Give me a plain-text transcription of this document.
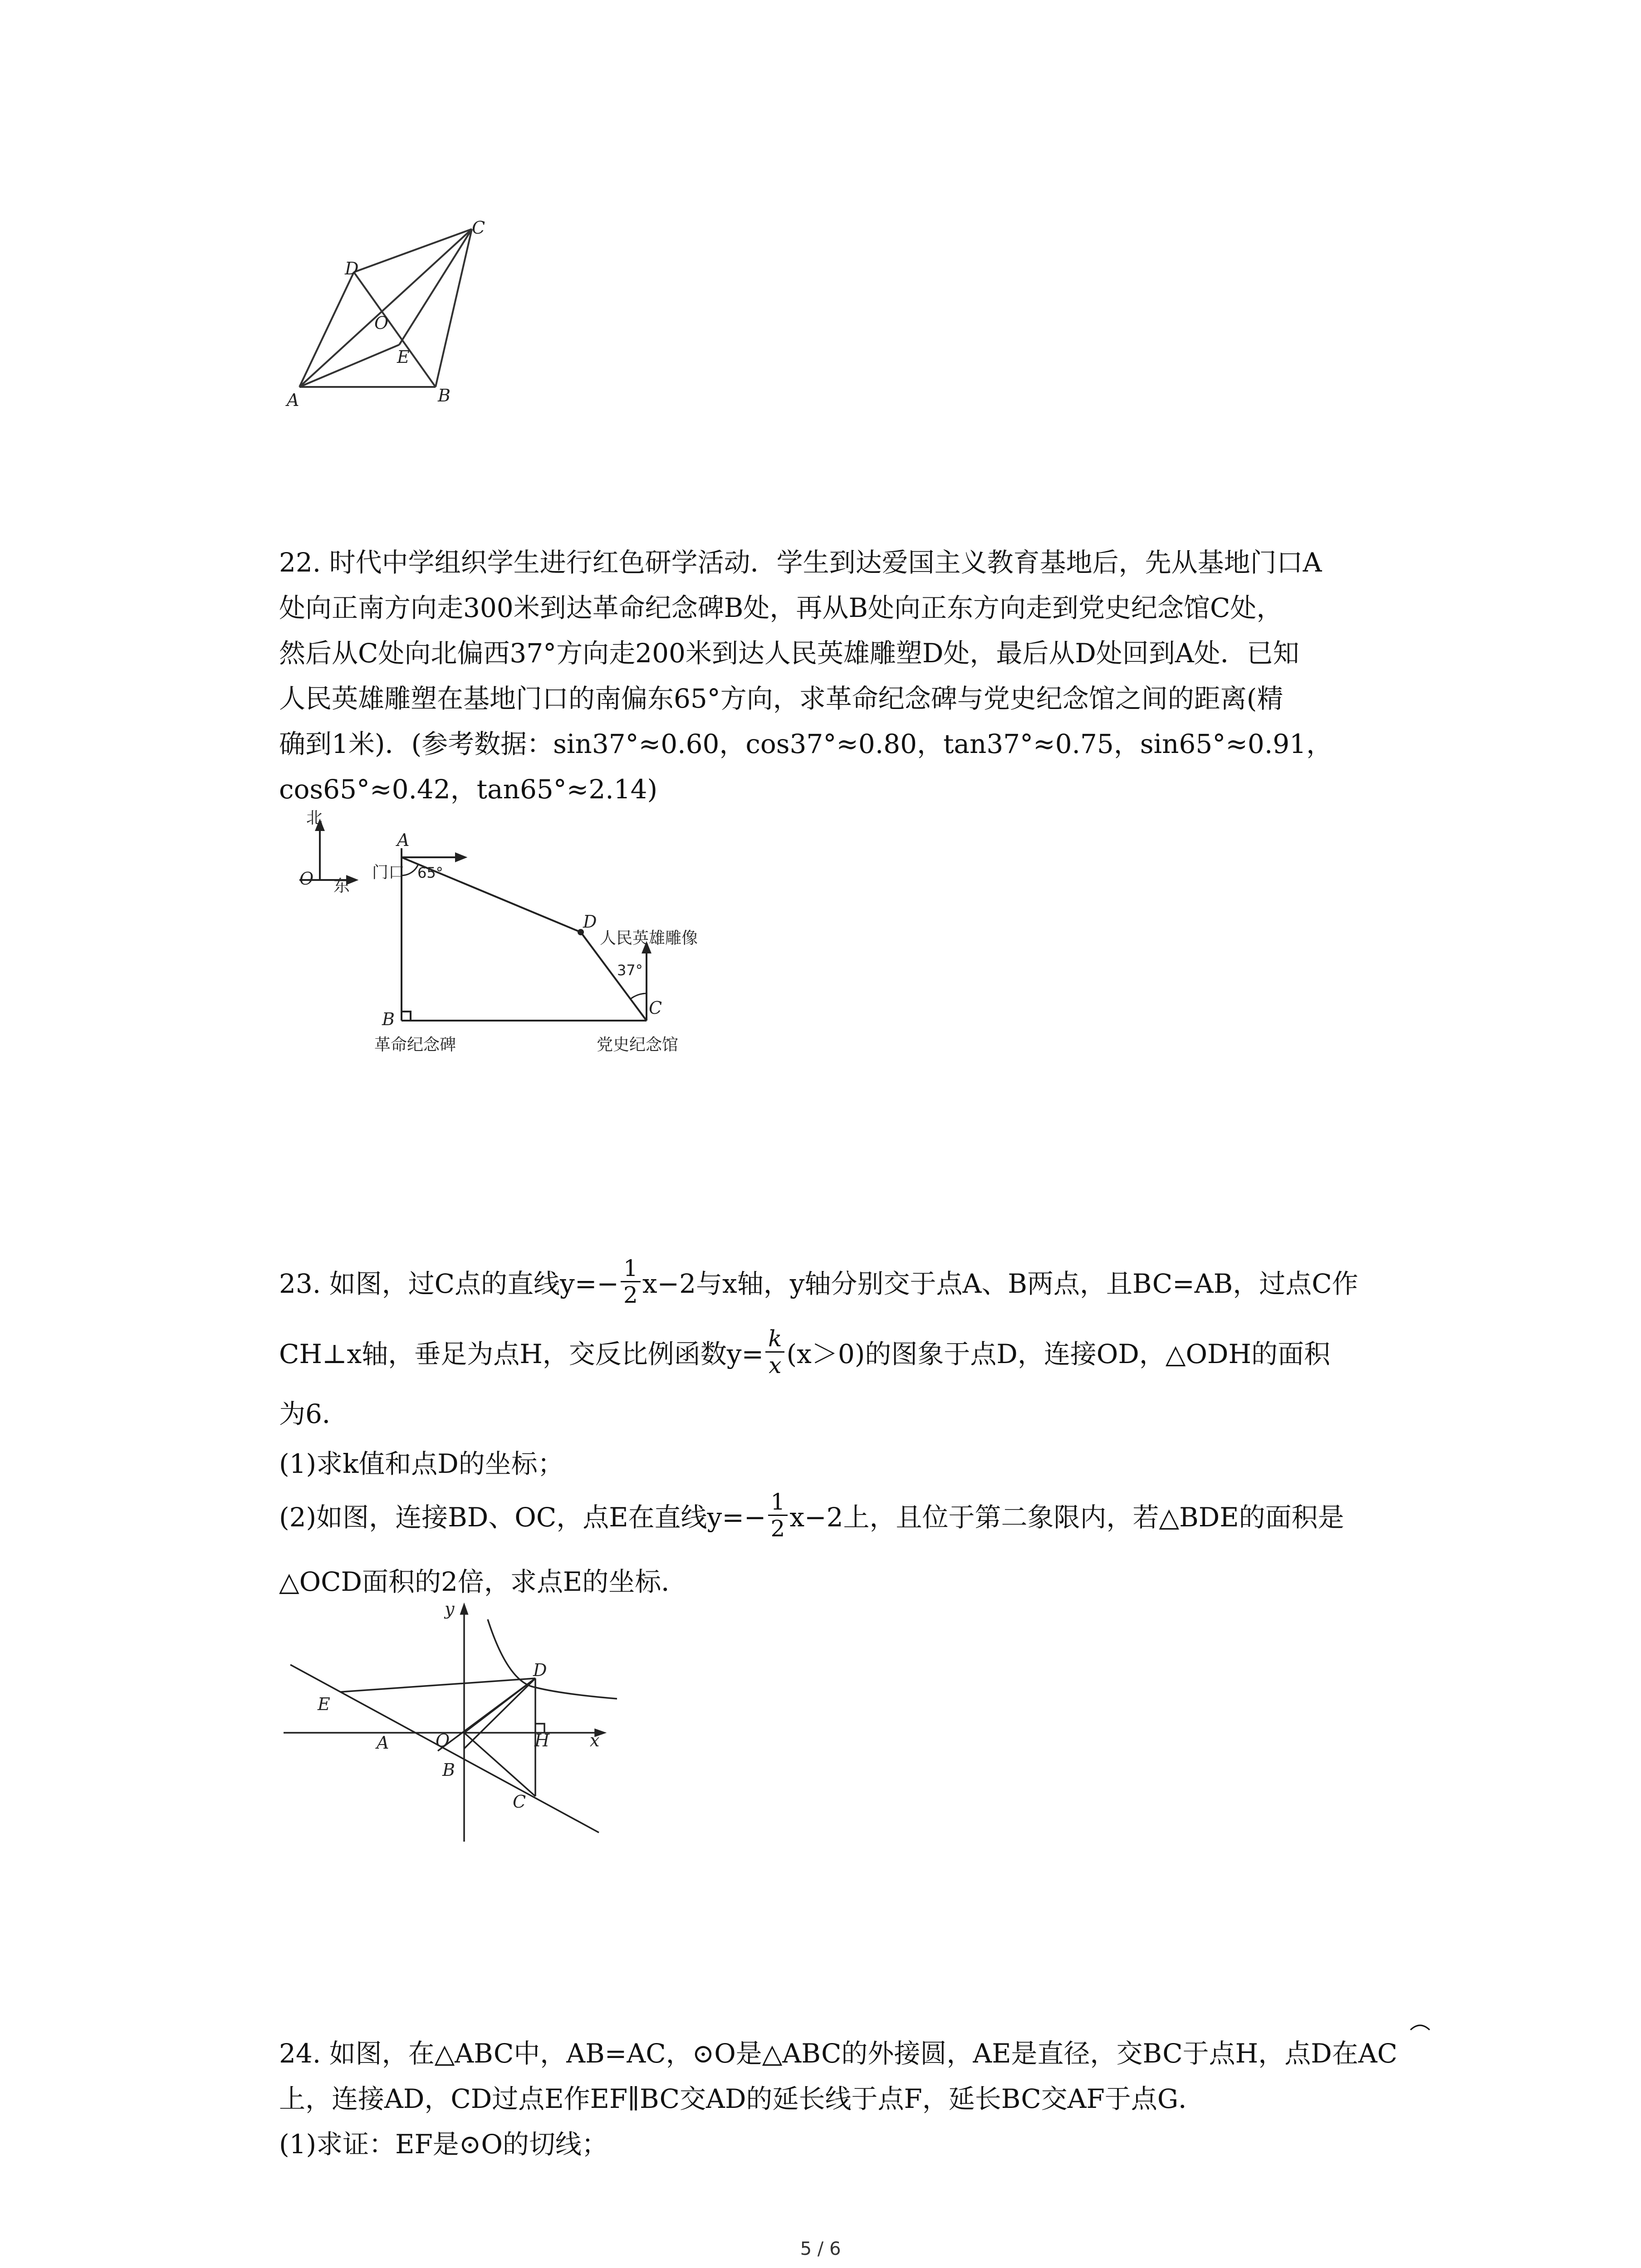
A	B
C
D
O
E
22. 时代中学组织学生进行红色研学活动．学生到达爱国主义教育基地后，先从基地门口A
处向正南方向走300米到达革命纪念碑B处，再从B处向正东方向走到党史纪念馆C处，
然后从C处向北偏西37°方向走200米到达人民英雄雕塑D处，最后从D处回到A处．已知
人民英雄雕塑在基地门口的南偏东65°方向，求革命纪念碑与党史纪念馆之间的距离(精
确到1米)．(参考数据：sin37°≈0.60，cos37°≈0.80，tan37°≈0.75，sin65°≈0.91，
cos65°≈0.42，tan65°≈2.14)
北
O 东
A
门口 65°
D
人民英雄雕像
37°
B
革命纪念碑
C
党史纪念馆
23. 如图，过C点的直线$y=- \frac{1}{2} x-2$与x轴，y轴分别交于点A、B两点，且BC=AB，过点C作
CH⊥x轴，垂足为点H，交反比例函数$y= \frac{k}{x} (x>0)$的图象于点D，连接OD，△ODH的面积
为6．
(1)求k值和点D的坐标；
(2)如图，连接BD、OC，点E在直线$y=- \frac{1}{2} x-2$上，且位于第二象限内，若△BDE的面积是
△OCD面积的2倍，求点E的坐标．
y
x
D
E
A	O	H
B
C
24. 如图，在△ABC中，AB=AC，⊙O是△ABC的外接圆，AE是直径，交BC于点H，点D在AC
上，连接AD，CD过点E作EF∥BC交AD的延长线于点F，延长BC交AF于点G．
(1)求证：EF是⊙O的切线；
5 / 6
